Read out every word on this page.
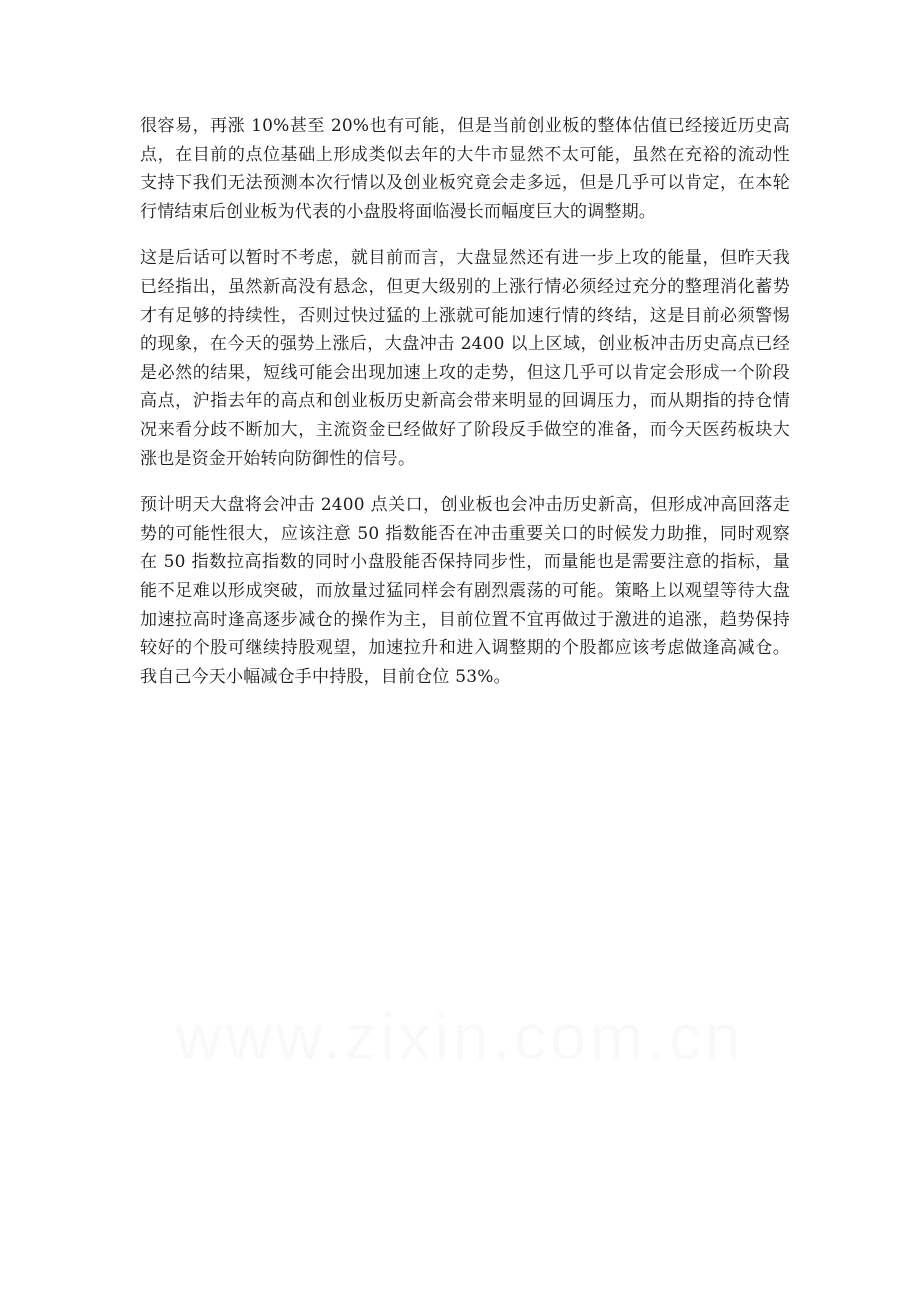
很容易，再涨 10%甚至 20%也有可能，但是当前创业板的整体估值已经接近历史高点，在目前的点位基础上形成类似去年的大牛市显然不太可能，虽然在充裕的流动性支持下我们无法预测本次行情以及创业板究竟会走多远，但是几乎可以肯定，在本轮行情结束后创业板为代表的小盘股将面临漫长而幅度巨大的调整期。

这是后话可以暂时不考虑，就目前而言，大盘显然还有进一步上攻的能量，但昨天我已经指出，虽然新高没有悬念，但更大级别的上涨行情必须经过充分的整理消化蓄势才有足够的持续性，否则过快过猛的上涨就可能加速行情的终结，这是目前必须警惕的现象，在今天的强势上涨后，大盘冲击 2400 以上区域，创业板冲击历史高点已经是必然的结果，短线可能会出现加速上攻的走势，但这几乎可以肯定会形成一个阶段高点，沪指去年的高点和创业板历史新高会带来明显的回调压力，而从期指的持仓情况来看分歧不断加大，主流资金已经做好了阶段反手做空的准备，而今天医药板块大涨也是资金开始转向防御性的信号。

预计明天大盘将会冲击 2400 点关口，创业板也会冲击历史新高，但形成冲高回落走势的可能性很大，应该注意 50 指数能否在冲击重要关口的时候发力助推，同时观察在 50 指数拉高指数的同时小盘股能否保持同步性，而量能也是需要注意的指标，量能不足难以形成突破，而放量过猛同样会有剧烈震荡的可能。策略上以观望等待大盘加速拉高时逢高逐步减仓的操作为主，目前位置不宜再做过于激进的追涨，趋势保持较好的个股可继续持股观望，加速拉升和进入调整期的个股都应该考虑做逢高减仓。我自己今天小幅减仓手中持股，目前仓位 53%。
